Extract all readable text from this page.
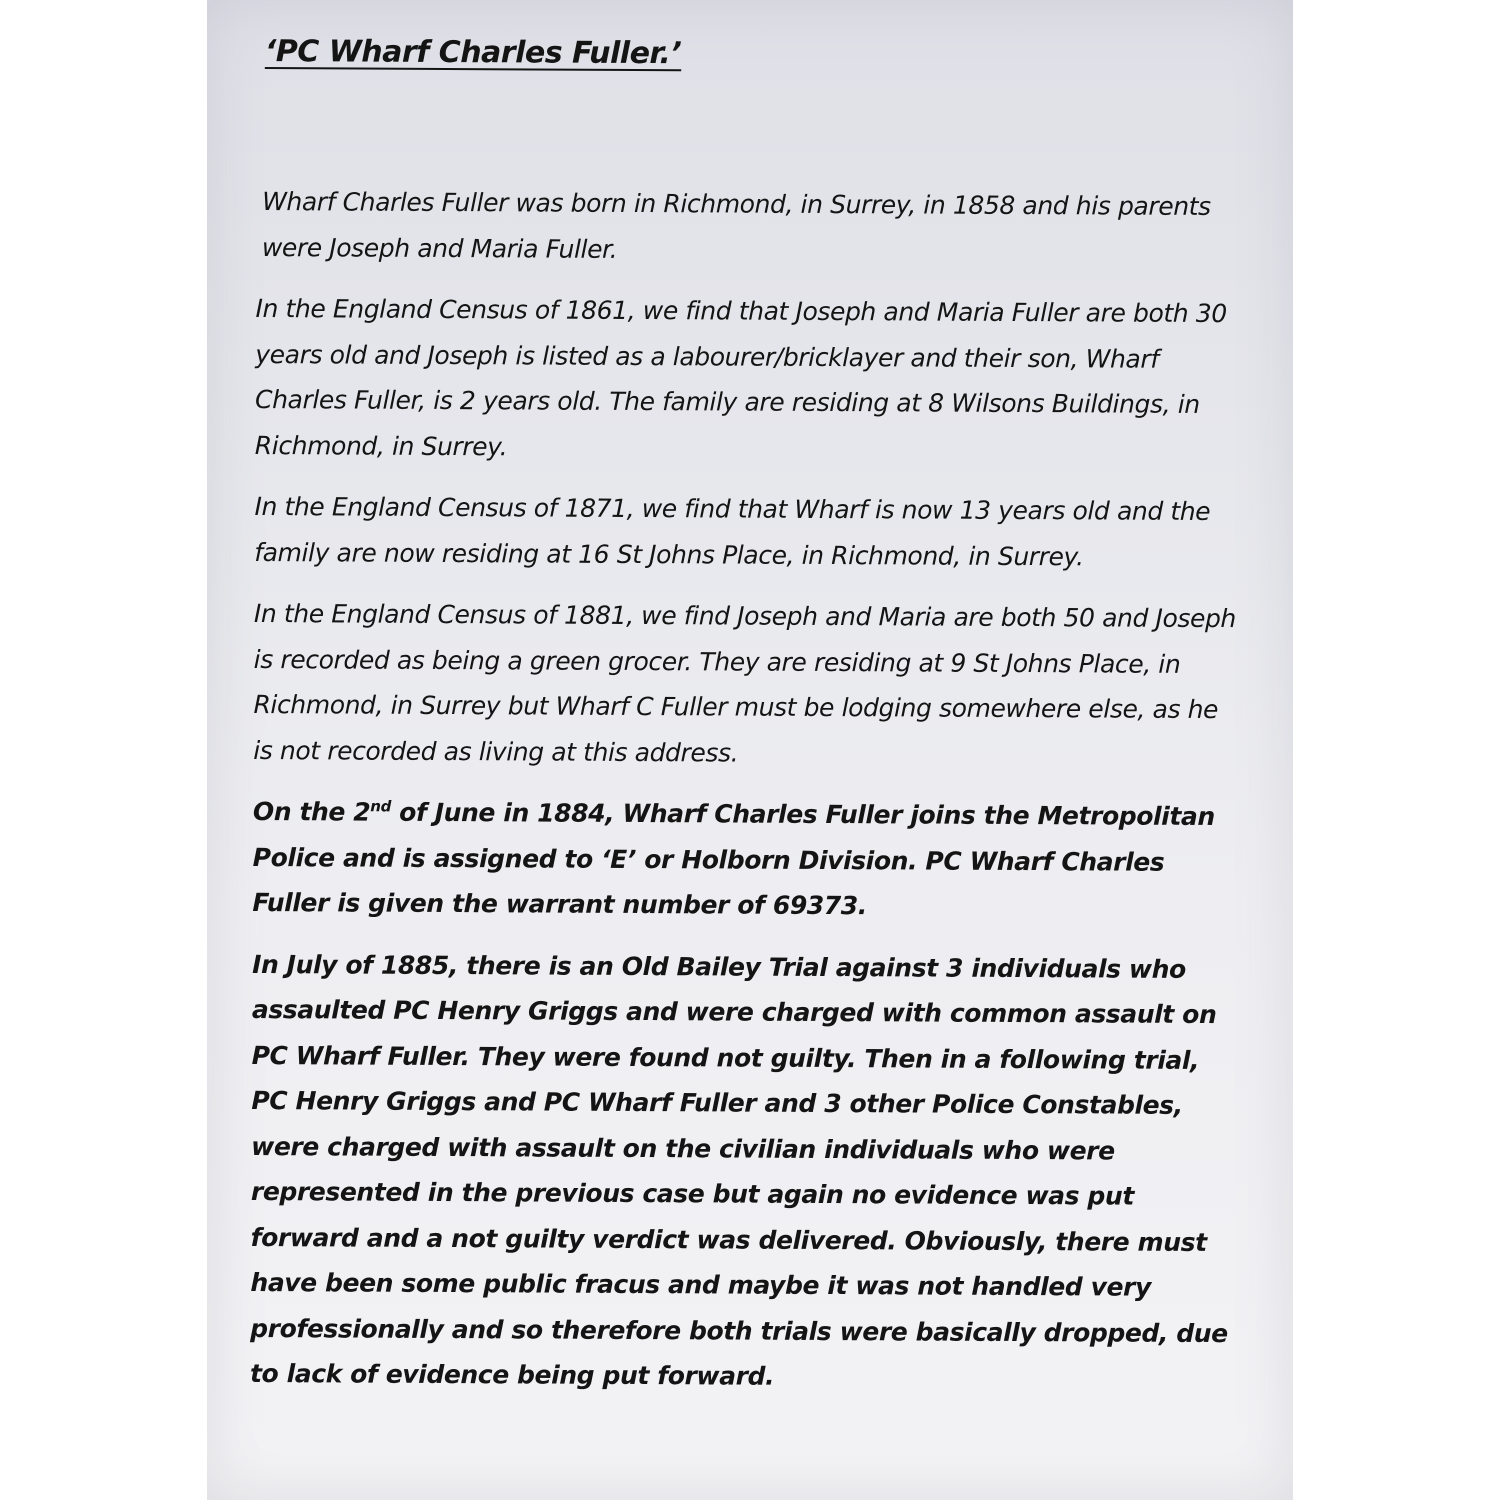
‘PC Wharf Charles Fuller.’

Wharf Charles Fuller was born in Richmond, in Surrey, in 1858 and his parents were Joseph and Maria Fuller.

In the England Census of 1861, we find that Joseph and Maria Fuller are both 30 years old and Joseph is listed as a labourer/bricklayer and their son, Wharf Charles Fuller, is 2 years old. The family are residing at 8 Wilsons Buildings, in Richmond, in Surrey.

In the England Census of 1871, we find that Wharf is now 13 years old and the family are now residing at 16 St Johns Place, in Richmond, in Surrey.

In the England Census of 1881, we find Joseph and Maria are both 50 and Joseph is recorded as being a green grocer. They are residing at 9 St Johns Place, in Richmond, in Surrey but Wharf C Fuller must be lodging somewhere else, as he is not recorded as living at this address.

On the 2nd of June in 1884, Wharf Charles Fuller joins the Metropolitan Police and is assigned to ‘E’ or Holborn Division. PC Wharf Charles Fuller is given the warrant number of 69373.

In July of 1885, there is an Old Bailey Trial against 3 individuals who assaulted PC Henry Griggs and were charged with common assault on PC Wharf Fuller. They were found not guilty. Then in a following trial, PC Henry Griggs and PC Wharf Fuller and 3 other Police Constables, were charged with assault on the civilian individuals who were represented in the previous case but again no evidence was put forward and a not guilty verdict was delivered. Obviously, there must have been some public fracus and maybe it was not handled very professionally and so therefore both trials were basically dropped, due to lack of evidence being put forward.
